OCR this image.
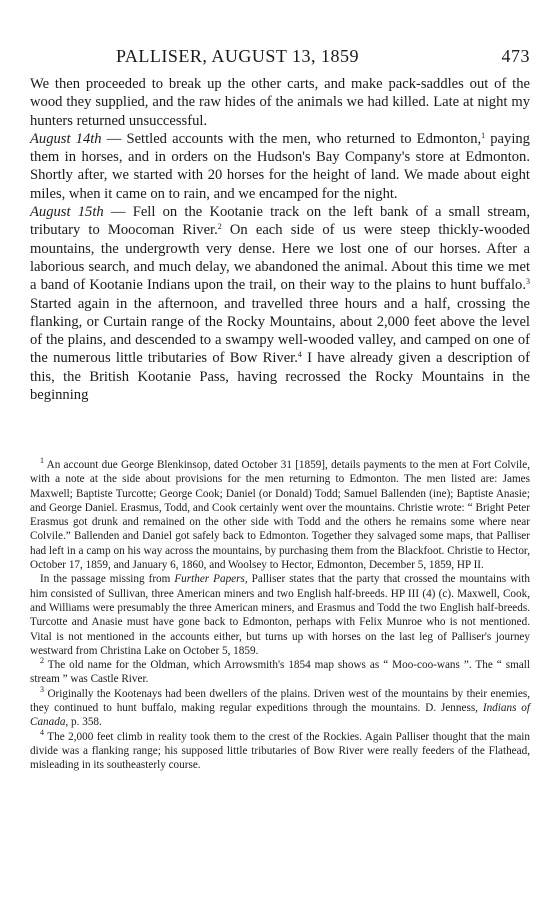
PALLISER, AUGUST 13, 1859	473

We then proceeded to break up the other carts, and make pack-saddles out of the wood they supplied, and the raw hides of the animals we had killed. Late at night my hunters returned unsuccessful.

August 14th — Settled accounts with the men, who returned to Edmonton,$^1$ paying them in horses, and in orders on the Hudson's Bay Company's store at Edmonton. Shortly after, we started with 20 horses for the height of land. We made about eight miles, when it came on to rain, and we encamped for the night.

August 15th — Fell on the Kootanie track on the left bank of a small stream, tributary to Moocoman River.$^2$ On each side of us were steep thickly-wooded mountains, the undergrowth very dense. Here we lost one of our horses. After a laborious search, and much delay, we abandoned the animal. About this time we met a band of Kootanie Indians upon the trail, on their way to the plains to hunt buffalo.$^3$ Started again in the afternoon, and travelled three hours and a half, crossing the flanking, or Curtain range of the Rocky Mountains, about 2,000 feet above the level of the plains, and descended to a swampy well-wooded valley, and camped on one of the numerous little tributaries of Bow River.$^4$ I have already given a description of this, the British Kootanie Pass, having recrossed the Rocky Mountains in the beginning

$^1$ An account due George Blenkinsop, dated October 31 [1859], details payments to the men at Fort Colvile, with a note at the side about provisions for the men returning to Edmonton. The men listed are: James Maxwell; Baptiste Turcotte; George Cook; Daniel (or Donald) Todd; Samuel Ballenden (ine); Baptiste Anasie; and George Daniel. Erasmus, Todd, and Cook certainly went over the mountains. Christie wrote: “ Bright Peter Erasmus got drunk and remained on the other side with Todd and the others he remains some where near Colvile.” Ballenden and Daniel got safely back to Edmonton. Together they salvaged some maps, that Palliser had left in a camp on his way across the mountains, by purchasing them from the Blackfoot. Christie to Hector, October 17, 1859, and January 6, 1860, and Woolsey to Hector, Edmonton, December 5, 1859, HP II.

In the passage missing from Further Papers, Palliser states that the party that crossed the mountains with him consisted of Sullivan, three American miners and two English half-breeds. HP III (4) (c). Maxwell, Cook, and Williams were presumably the three American miners, and Erasmus and Todd the two English half-breeds. Turcotte and Anasie must have gone back to Edmonton, perhaps with Felix Munroe who is not mentioned. Vital is not mentioned in the accounts either, but turns up with horses on the last leg of Palliser's journey westward from Christina Lake on October 5, 1859.

$^2$ The old name for the Oldman, which Arrowsmith's 1854 map shows as “ Moo-coo-wans ”. The “ small stream ” was Castle River.

$^3$ Originally the Kootenays had been dwellers of the plains. Driven west of the mountains by their enemies, they continued to hunt buffalo, making regular expeditions through the mountains. D. Jenness, Indians of Canada, p. 358.

$^4$ The 2,000 feet climb in reality took them to the crest of the Rockies. Again Palliser thought that the main divide was a flanking range; his supposed little tributaries of Bow River were really feeders of the Flathead, misleading in its southeasterly course.
